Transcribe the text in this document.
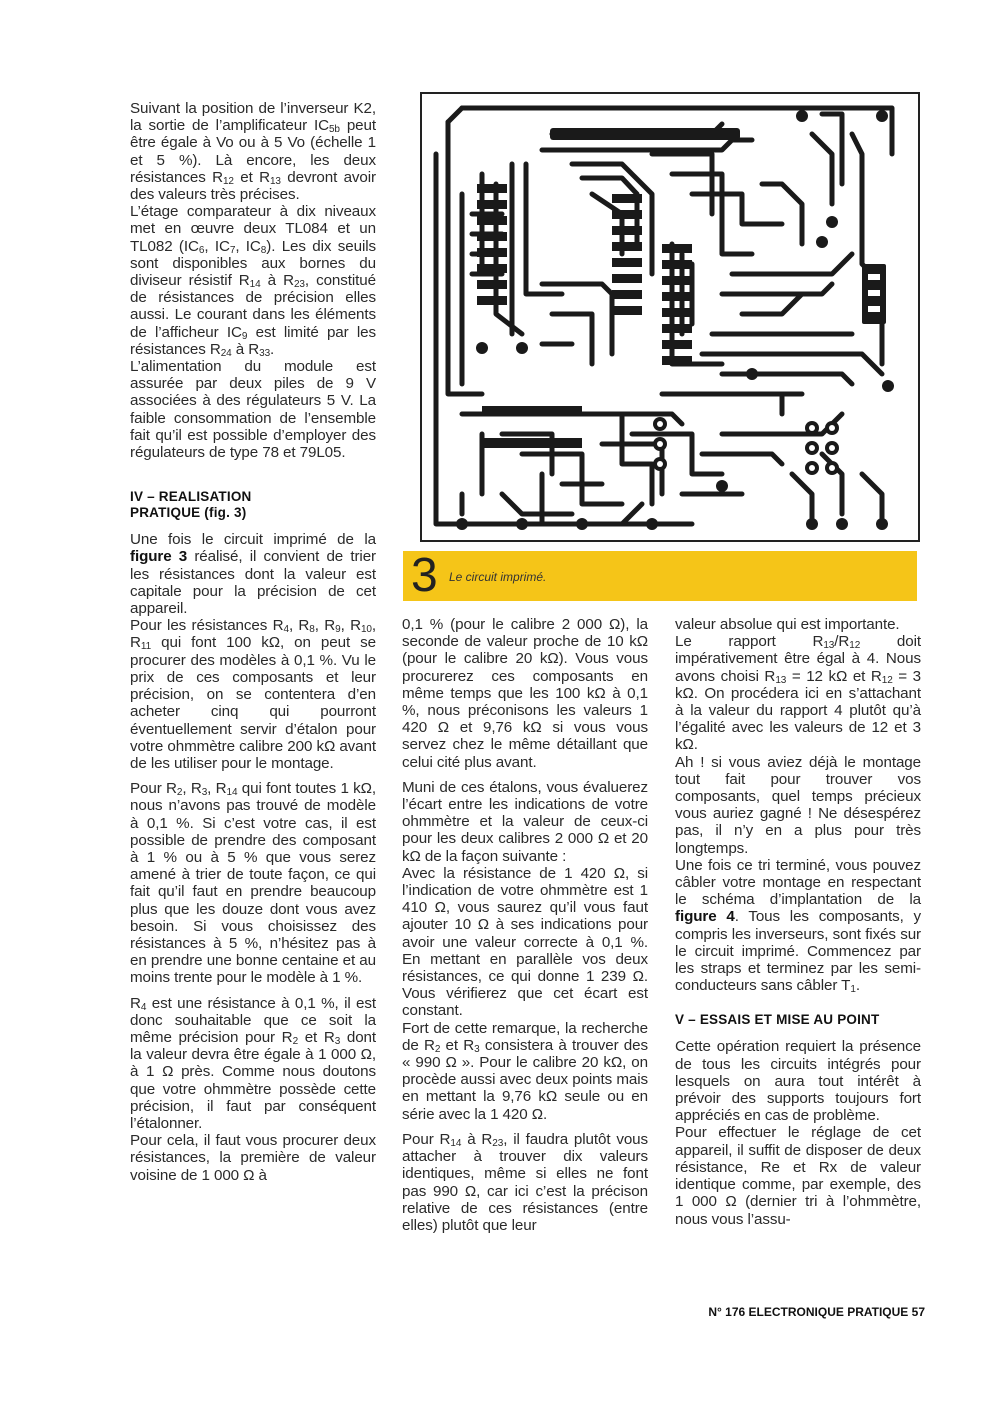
Suivant la position de l’inverseur K2, la sortie de l’amplificateur $IC_{5b}$ peut être égale à Vo ou à 5 Vo (échelle 1 et 5 %). Là encore, les deux résistances $R_{12}$ et $R_{13}$ devront avoir des valeurs très précises.

L’étage comparateur à dix niveaux met en œuvre deux TL084 et un TL082 ($IC_6$, $IC_7$, $IC_8$). Les dix seuils sont disponibles aux bornes du diviseur résistif $R_{14}$ à $R_{23}$, constitué de résistances de précision elles aussi. Le courant dans les éléments de l’afficheur $IC_9$ est limité par les résistances $R_{24}$ à $R_{33}$.

L’alimentation du module est assurée par deux piles de 9 V associées à des régulateurs 5 V. La faible consommation de l’ensemble fait qu’il est possible d’employer des régulateurs de type 78 et 79L05.

IV – REALISATION
PRATIQUE (fig. 3)

Une fois le circuit imprimé de la figure 3 réalisé, il convient de trier les résistances dont la valeur est capitale pour la précision de cet appareil.

Pour les résistances $R_4$, $R_8$, $R_9$, $R_{10}$, $R_{11}$ qui font 100 kΩ, on peut se procurer des modèles à 0,1 %. Vu le prix de ces composants et leur précision, on se contentera d’en acheter cinq qui pourront éventuellement servir d’étalon pour votre ohmmètre calibre 200 kΩ avant de les utiliser pour le montage.

Pour $R_2$, $R_3$, $R_{14}$ qui font toutes 1 kΩ, nous n’avons pas trouvé de modèle à 0,1 %. Si c’est votre cas, il est possible de prendre des composant à 1 % ou à 5 % que vous serez amené à trier de toute façon, ce qui fait qu’il faut en prendre beaucoup plus que les douze dont vous avez besoin. Si vous choisissez des résistances à 5 %, n’hésitez pas à en prendre une bonne centaine et au moins trente pour le modèle à 1 %.

$R_4$ est une résistance à 0,1 %, il est donc souhaitable que ce soit la même précision pour $R_2$ et $R_3$ dont la valeur devra être égale à 1 000 Ω, à 1 Ω près. Comme nous doutons que votre ohmmètre possède cette précision, il faut par conséquent l’étalonner.

Pour cela, il faut vous procurer deux résistances, la première de valeur voisine de 1 000 Ω à

3 Le circuit imprimé.

0,1 % (pour le calibre 2 000 Ω), la seconde de valeur proche de 10 kΩ (pour le calibre 20 kΩ). Vous vous procurerez ces composants en même temps que les 100 kΩ à 0,1 %, nous préconisons les valeurs 1 420 Ω et 9,76 kΩ si vous vous servez chez le même détaillant que celui cité plus avant.

Muni de ces étalons, vous évaluerez l’écart entre les indications de votre ohmmètre et la valeur de ceux-ci pour les deux calibres 2 000 Ω et 20 kΩ de la façon suivante :

Avec la résistance de 1 420 Ω, si l’indication de votre ohmmètre est 1 410 Ω, vous saurez qu’il vous faut ajouter 10 Ω à ses indications pour avoir une valeur correcte à 0,1 %. En mettant en parallèle vos deux résistances, ce qui donne 1 239 Ω. Vous vérifierez que cet écart est constant.

Fort de cette remarque, la recherche de $R_2$ et $R_3$ consistera à trouver des « 990 Ω ». Pour le calibre 20 kΩ, on procède aussi avec deux points mais en mettant la 9,76 kΩ seule ou en série avec la 1 420 Ω.

Pour $R_{14}$ à $R_{23}$, il faudra plutôt vous attacher à trouver dix valeurs identiques, même si elles ne font pas 990 Ω, car ici c’est la précison relative de ces résistances (entre elles) plutôt que leur

valeur absolue qui est importante.

Le rapport $R_{13}/R_{12}$ doit impérativement être égal à 4. Nous avons choisi $R_{13} = 12$ kΩ et $R_{12} = 3$ kΩ. On procédera ici en s’attachant à la valeur du rapport 4 plutôt qu’à l’égalité avec les valeurs de 12 et 3 kΩ.

Ah ! si vous aviez déjà le montage tout fait pour trouver vos composants, quel temps précieux vous auriez gagné ! Ne désespérez pas, il n’y en a plus pour très longtemps.

Une fois ce tri terminé, vous pouvez câbler votre montage en respectant le schéma d’implantation de la figure 4. Tous les composants, y compris les inverseurs, sont fixés sur le circuit imprimé. Commencez par les straps et terminez par les semi-conducteurs sans câbler $T_1$.

V – ESSAIS ET MISE AU POINT

Cette opération requiert la présence de tous les circuits intégrés pour lesquels on aura tout intérêt à prévoir des supports toujours fort appréciés en cas de problème.

Pour effectuer le réglage de cet appareil, il suffit de disposer de deux résistance, Re et Rx de valeur identique comme, par exemple, des 1 000 Ω (dernier tri à l’ohmmètre, nous vous l’assu-

N° 176 ELECTRONIQUE PRATIQUE 57
